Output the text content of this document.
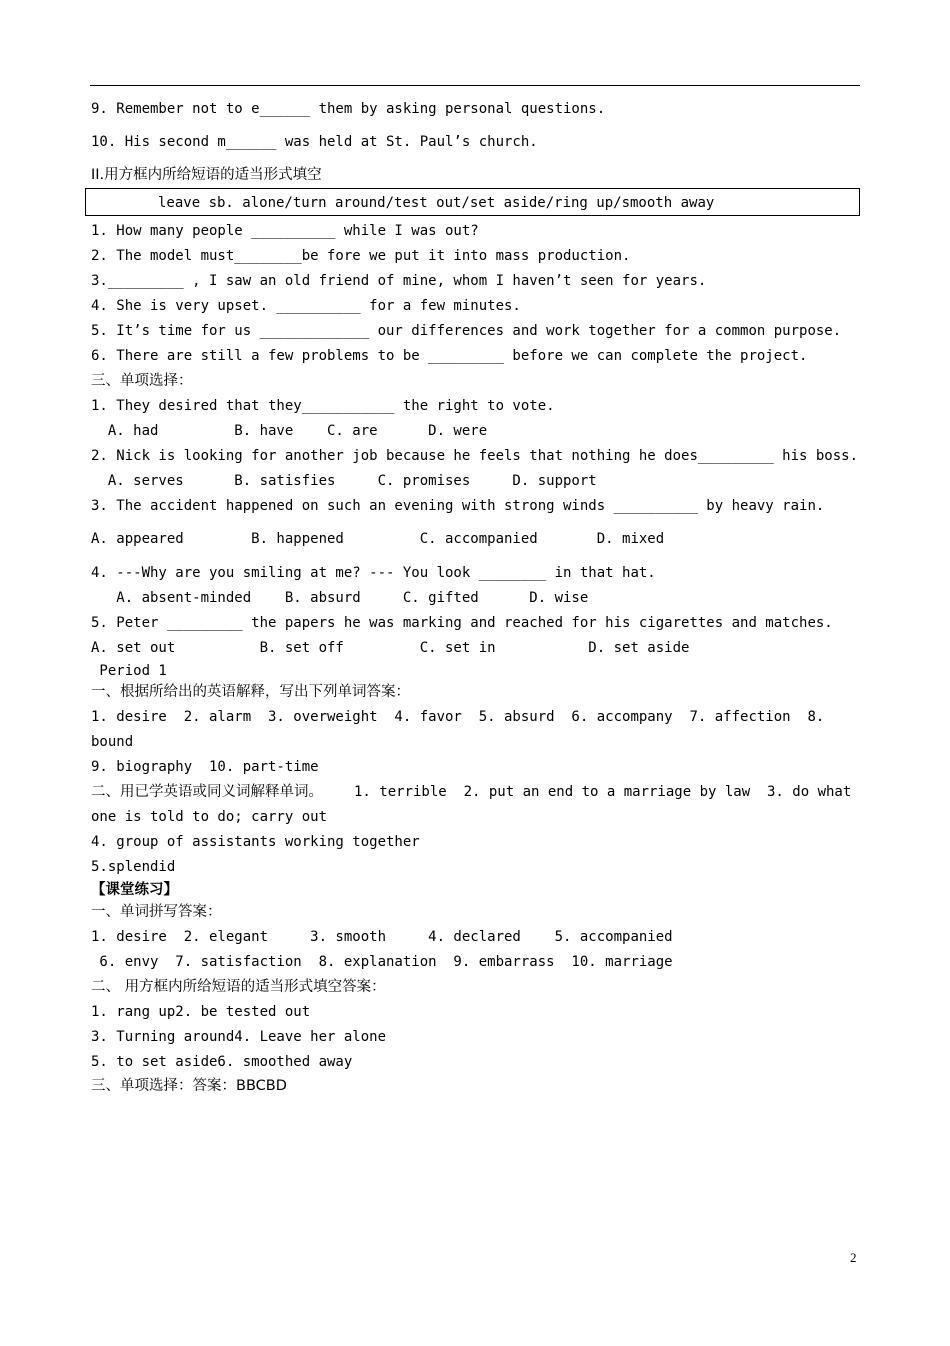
leave sb. alone/turn around/test out/set aside/ring up/smooth away
9. Remember not to e______ them by asking personal questions.
10. His second m______ was held at St. Paul’s church.
II.用方框内所给短语的适当形式填空
1. How many people __________ while I was out?
2. The model must________be fore we put it into mass production.
3._________ , I saw an old friend of mine, whom I haven’t seen for years.
4. She is very upset. __________ for a few minutes.
5. It’s time for us _____________ our differences and work together for a common purpose.
6. There are still a few problems to be _________ before we can complete the project.
三、单项选择：
1. They desired that they___________ the right to vote.
A. had         B. have    C. are      D. were
2. Nick is looking for another job because he feels that nothing he does_________ his boss.
A. serves      B. satisfies     C. promises     D. support
3. The accident happened on such an evening with strong winds __________ by heavy rain.
A. appeared        B. happened         C. accompanied       D. mixed
4. ---Why are you smiling at me? --- You look ________ in that hat.
A. absent-minded    B. absurd     C. gifted      D. wise
5. Peter _________ the papers he was marking and reached for his cigarettes and matches.
A. set out          B. set off         C. set in           D. set aside
Period 1
一、根据所给出的英语解释，写出下列单词答案：
1. desire  2. alarm  3. overweight  4. favor  5. absurd  6. accompany  7. affection  8.
bound
9. biography  10. part-time
二、用已学英语或同义词解释单词。
one is told to do; carry out
4. group of assistants working together
5.splendid
【课堂练习】
一、单词拼写答案：
1. desire  2. elegant     3. smooth     4. declared    5. accompanied
6. envy  7. satisfaction  8. explanation  9. embarrass  10. marriage
二、 用方框内所给短语的适当形式填空答案：
1. rang up2. be tested out
3. Turning around4. Leave her alone
5. to set aside6. smoothed away
三、单项选择：答案：BBCBD
1. terrible  2. put an end to a marriage by law  3. do what
2
